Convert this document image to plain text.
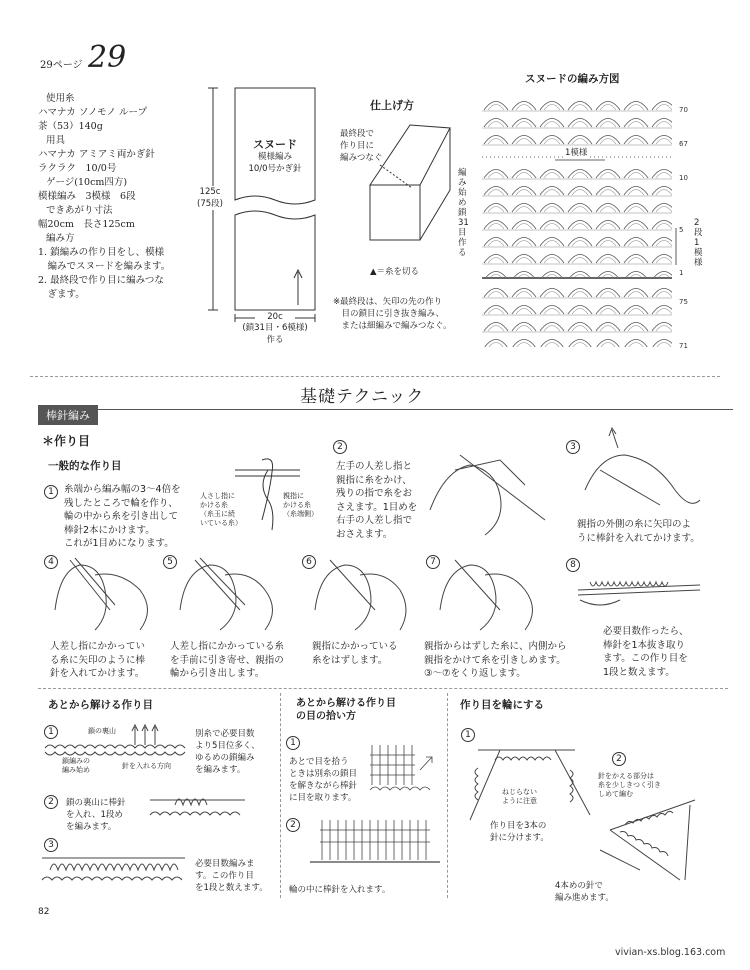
29ページ 29
使用糸
ハマナカ ソノモノ ループ
茶（53）140g
用具
ハマナカ アミアミ両かぎ針
ラクラク　10/0号
ゲージ(10cm四方)
模様編み　3模様　6段
できあがり寸法
幅20cm　長さ125cm
編み方
1. 鎖編みの作り目をし、模様
　編みでスヌードを編みます。
2. 最終段で作り目に編みつな
　ぎます。
スヌード
模様編み
10/0号かぎ針
125c
(75段)
20c
(鎖31目・6模様)
作る
仕上げ方
最終段で
作り目に
編みつなぐ
▲＝糸を切る
※最終段は、矢印の先の作り
　目の鎖目に引き抜き編み、
　または細編みで編みつなぐ。
スヌードの編み方図
70
67
10
5
1
75
71
1模様
編み始め 鎖31目作る
2段1模様
基礎テクニック
棒針編み
＊作り目
一般的な作り目
1	糸端から編み幅の3～4倍を
残したところで輪を作り、
輪の中から糸を引き出して
棒針2本にかけます。
これが1目めになります。
人さし指に
かける糸
（糸玉に続
いている糸）
親指に
かける糸
（糸端側）
2
左手の人差し指と
親指に糸をかけ、
残りの指で糸をお
さえます。1目めを
右手の人差し指で
おさえます。
3
親指の外側の糸に矢印のよ
うに棒針を入れてかけます。
4
人差し指にかかってい
る糸に矢印のように棒
針を入れてかけます。
5
人差し指にかかっている糸
を手前に引き寄せ、親指の
輪から引き出します。
6
親指にかかっている
糸をはずします。
7
親指からはずした糸に、内側から
親指をかけて糸を引きしめます。
③～⑦をくり返します。
8
必要目数作ったら、
棒針を1本抜き取り
ます。この作り目を
1段と数えます。
あとから解ける作り目
1	鎖の裏山
鎖編みの
編み始め	針を入れる方向
別糸で必要目数
より5目位多く、
ゆるめの鎖編み
を編みます。
2	鎖の裏山に棒針
を入れ、1段め
を編みます。
3
必要目数編みま
す。この作り目
を1段と数えます。
あとから解ける作り目
の目の拾い方
1
あとで目を拾う
ときは別糸の鎖目
を解きながら棒針
に目を取ります。
2
輪の中に棒針を入れます。
作り目を輪にする
1
ねじらない
ように注意
作り目を3本の
針に分けます。
2
針をかえる部分は
糸を少しきつく引き
しめて編む
4本めの針で
編み進めます。
82
vivian-xs.blog.163.com
